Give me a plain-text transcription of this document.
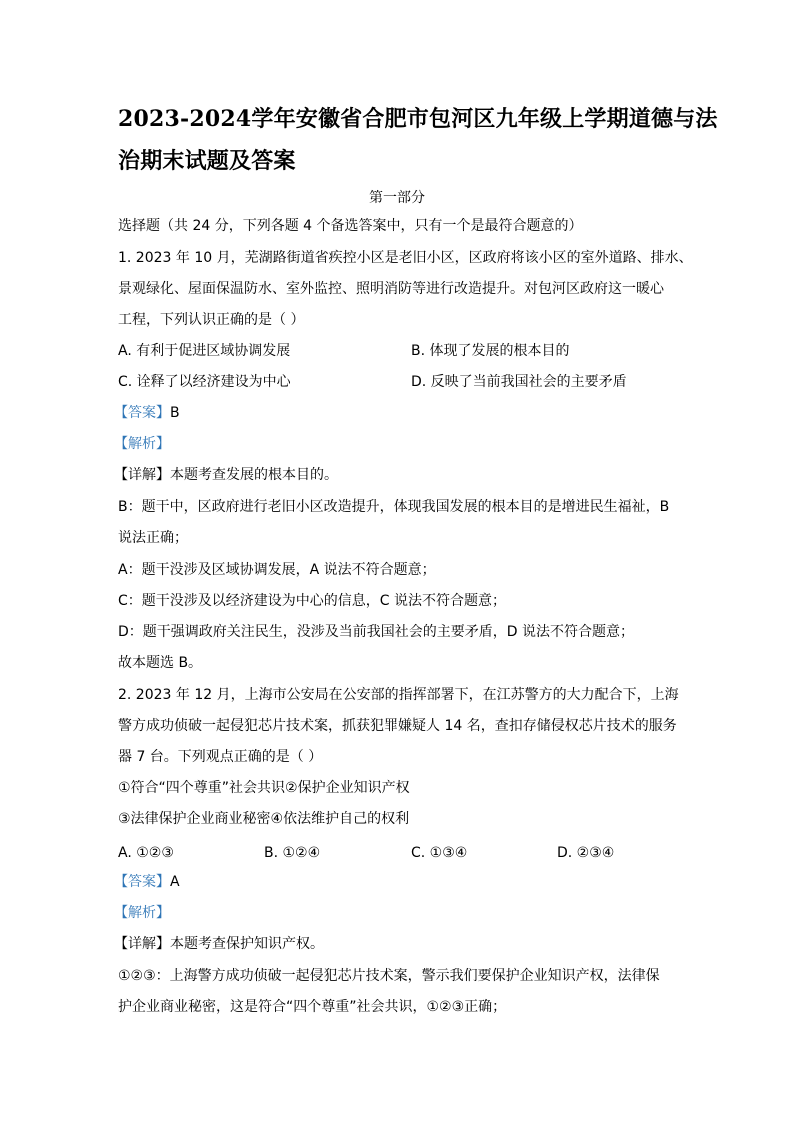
2023-2024学年安徽省合肥市包河区九年级上学期道德与法
治期末试题及答案
第一部分
选择题（共 24 分，下列各题 4 个备选答案中，只有一个是最符合题意的）
1. 2023 年 10 月，芜湖路街道省疾控小区是老旧小区，区政府将该小区的室外道路、排水、
景观绿化、屋面保温防水、室外监控、照明消防等进行改造提升。对包河区政府这一暖心
工程，下列认识正确的是（ ）
A. 有利于促进区域协调发展	B. 体现了发展的根本目的
C. 诠释了以经济建设为中心	D. 反映了当前我国社会的主要矛盾
【答案】B
【解析】
【详解】本题考查发展的根本目的。
B：题干中，区政府进行老旧小区改造提升，体现我国发展的根本目的是增进民生福祉，B
说法正确；
A：题干没涉及区域协调发展，A 说法不符合题意；
C：题干没涉及以经济建设为中心的信息，C 说法不符合题意；
D：题干强调政府关注民生，没涉及当前我国社会的主要矛盾，D 说法不符合题意；
故本题选 B。
2. 2023 年 12 月，上海市公安局在公安部的指挥部署下，在江苏警方的大力配合下，上海
警方成功侦破一起侵犯芯片技术案，抓获犯罪嫌疑人 14 名，查扣存储侵权芯片技术的服务
器 7 台。下列观点正确的是（ ）
①符合“四个尊重”社会共识②保护企业知识产权
③法律保护企业商业秘密④依法维护自己的权利
A. ①②③	B. ①②④	C. ①③④	D. ②③④
【答案】A
【解析】
【详解】本题考查保护知识产权。
①②③：上海警方成功侦破一起侵犯芯片技术案，警示我们要保护企业知识产权，法律保
护企业商业秘密，这是符合“四个尊重”社会共识，①②③正确；
